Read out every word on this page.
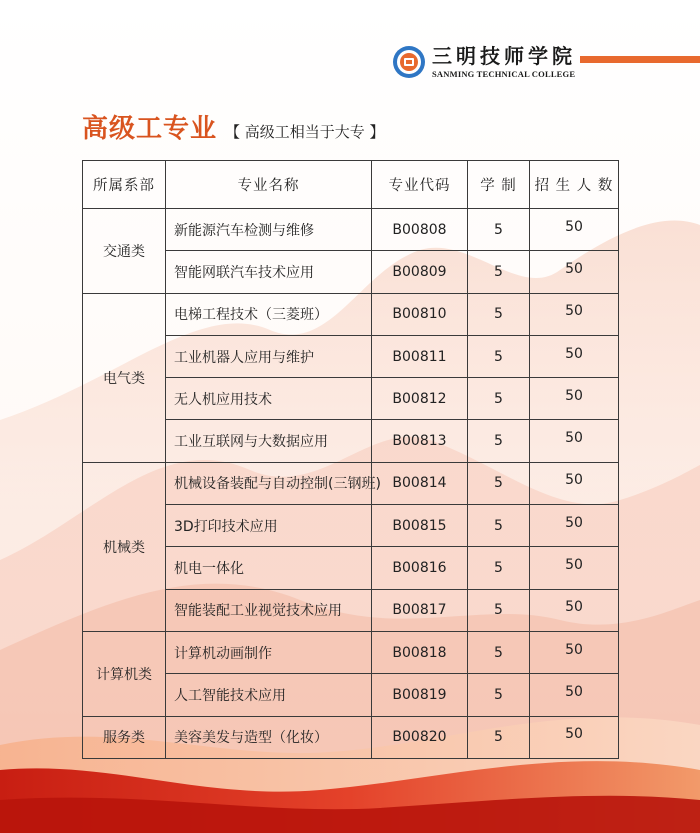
三明技师学院
SANMING TECHNICAL COLLEGE
高级工专业 【 高级工相当于大专 】
所属系部	专业名称	专业代码	学 制	招 生 人 数
交通类	新能源汽车检测与维修	B00808	5	50
	智能网联汽车技术应用	B00809	5	50
电气类	电梯工程技术（三菱班）	B00810	5	50
	工业机器人应用与维护	B00811	5	50
	无人机应用技术	B00812	5	50
	工业互联网与大数据应用	B00813	5	50
机械类	机械设备装配与自动控制(三钢班)	B00814	5	50
	3D打印技术应用	B00815	5	50
	机电一体化	B00816	5	50
	智能装配工业视觉技术应用	B00817	5	50
计算机类	计算机动画制作	B00818	5	50
	人工智能技术应用	B00819	5	50
服务类	美容美发与造型（化妆）	B00820	5	50
